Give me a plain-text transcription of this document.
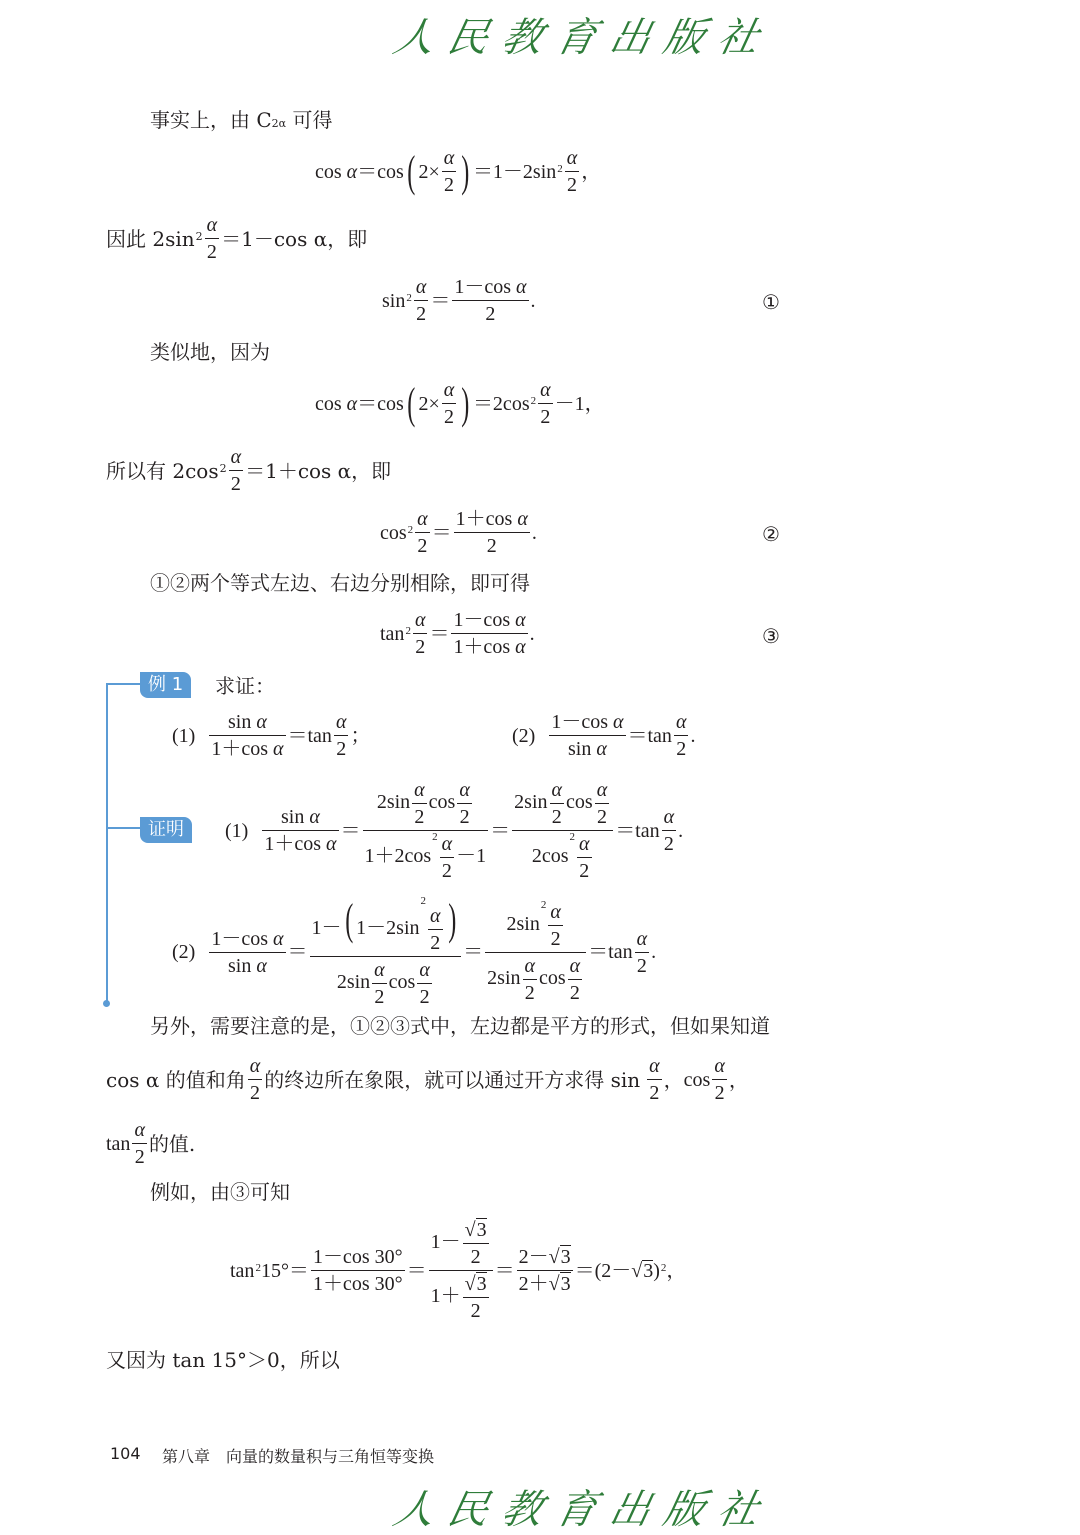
人民教育出版社
事实上，由 C2α 可得
cos α ＝cos ( $2\times \frac{\alpha}{2}$ ) $=1-2\sin^2 \frac{\alpha}{2}$ ，
因此 $2\sin^2 \frac{\alpha}{2} =1-\cos$ α，即
$\sin^2 \frac{\alpha}{2} = \frac{\text{1－cos α}}{2}$ .	①
类似地，因为
cos α ＝cos ( $2\times \frac{\alpha}{2}$ ) $=2\cos^2 \frac{\alpha}{2} -1$，
所以有 $2\cos^2 \frac{\alpha}{2} =1+\cos$ α，即
$\cos^2 \frac{\alpha}{2} = \frac{\text{1＋cos α}}{2}$ .	②
①②两个等式左边、右边分别相除，即可得
$\tan^2 \frac{\alpha}{2} = \frac{\text{1－cos α}}{\text{1＋cos α}}$ .	③
例 1	求证：
$(1) \frac{\text{sin α}}{\text{1＋cos α}} =\tan \frac{\alpha}{2}$ ；	$(2) \frac{\text{1－cos α}}{\text{sin α}} =\tan \frac{\alpha}{2}$ .
证明	$(1) \frac{\text{sin α}}{\text{1＋cos α}} = \frac{2\sin \frac{\alpha}{2} \cos \frac{\alpha}{2}}{1+2\cos^2 \frac{\alpha}{2} -1} = \frac{2\sin \frac{\alpha}{2} \cos \frac{\alpha}{2}}{2\cos^2 \frac{\alpha}{2}} =\tan \frac{\alpha}{2}$ .
$(2) \frac{\text{1－cos α}}{\text{sin α}} = 1-$( $1-2\sin^2$
$\frac{\alpha}{2}$ )
$2\sin \frac{\alpha}{2}$ $\cos \frac{\alpha}{2} = \frac{2\sin^2 \frac{\alpha}{2}}{2\sin \frac{\alpha}{2} \cos \frac{\alpha}{2}} =\tan \frac{\alpha}{2}$ .
另外，需要注意的是，①②③式中，左边都是平方的形式，但如果知道
cos α 的值和角 $\frac{\alpha}{2}$ 的终边所在象限，就可以通过开方求得 sin
$\frac{\alpha}{2}$ ， $\cos \frac{\alpha}{2}$ ，
$\tan \frac{\alpha}{2}$ 的值.
例如，由③可知
$\tan^2 15^\circ= \frac{1-\cos 30^\circ}{1+\cos 30^\circ} = \frac{1- \frac{√3}{2}}{1+ \frac{√3}{2}} = \frac{2-√3}{2+√3} =(2-√$ 3 )$^2$ ，
又因为 tan 15°＞0，所以
104 第八章　向量的数量积与三角恒等变换
人民教育出版社
